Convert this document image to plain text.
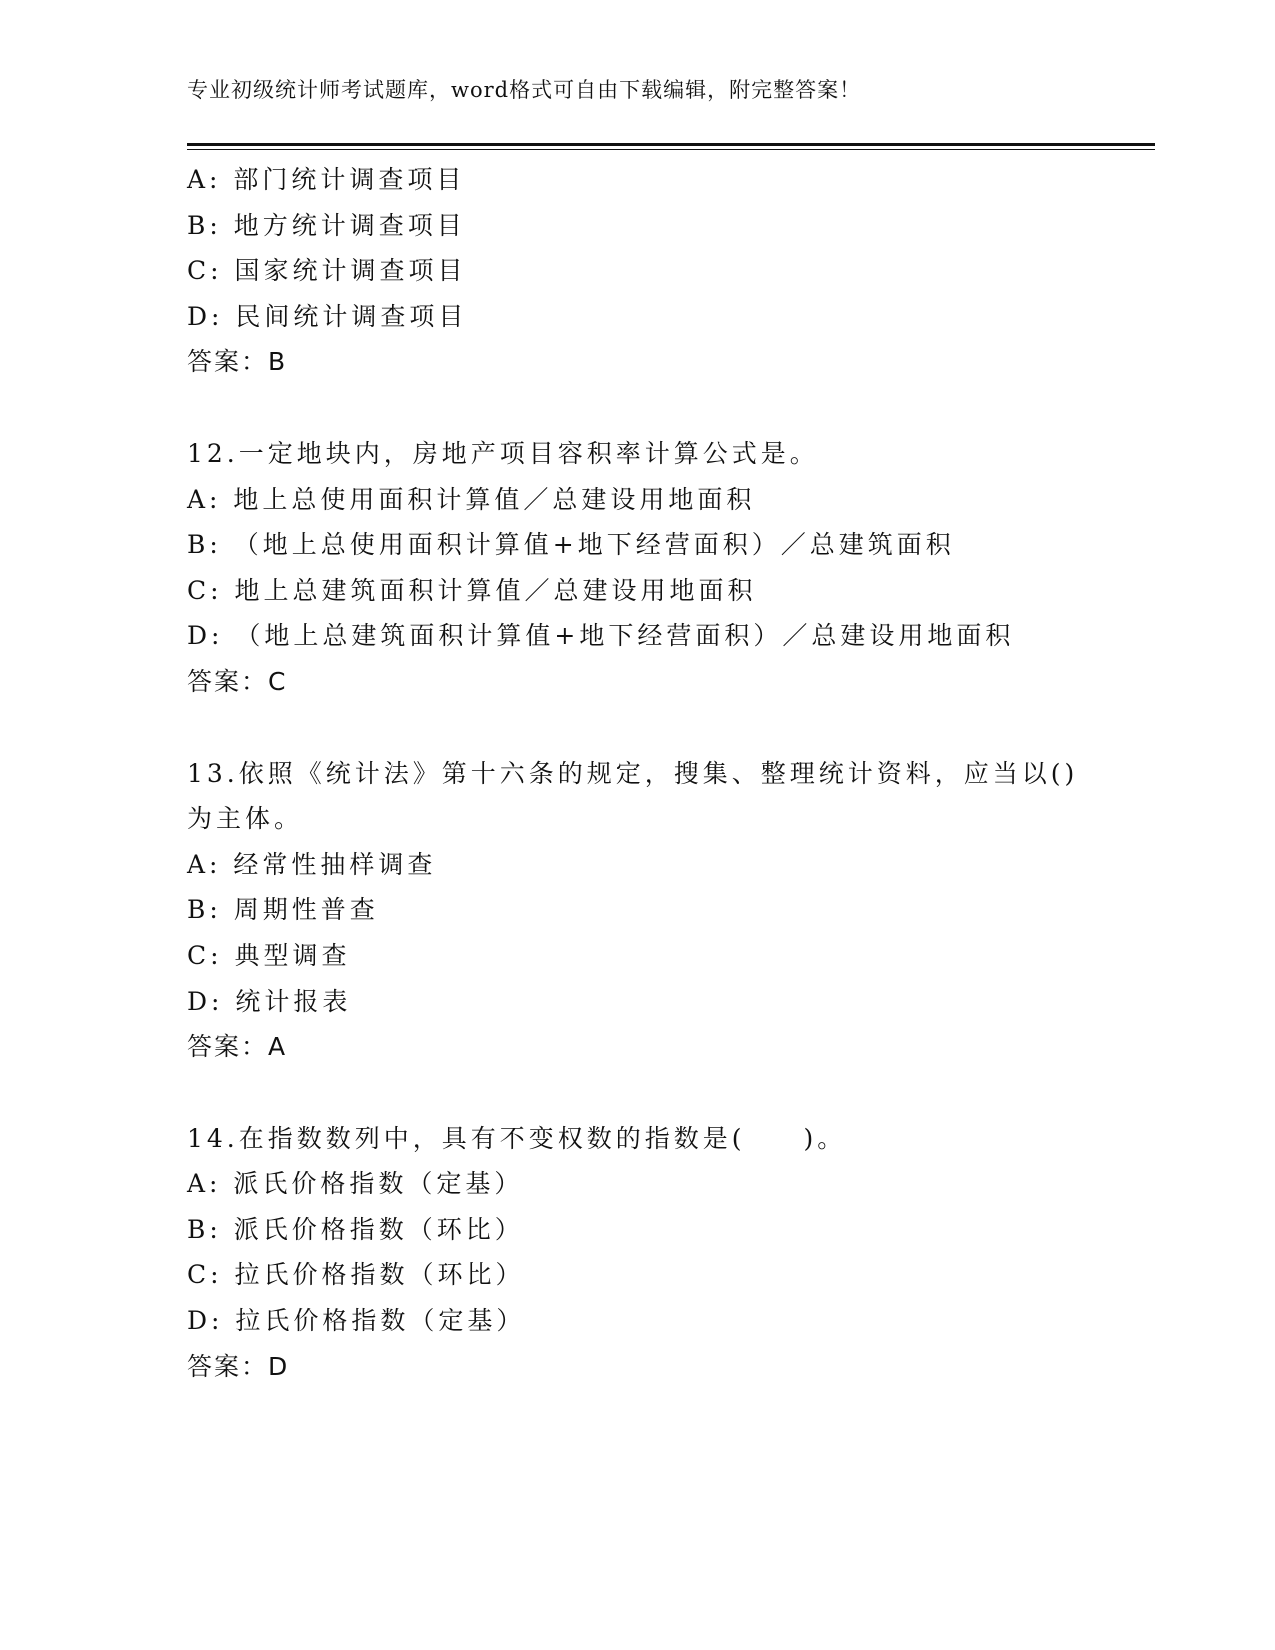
专业初级统计师考试题库，word格式可自由下载编辑，附完整答案！
A: 部门统计调查项目
B: 地方统计调查项目
C: 国家统计调查项目
D: 民间统计调查项目
答案：B
12.一定地块内，房地产项目容积率计算公式是。
A: 地上总使用面积计算值／总建设用地面积
B: （地上总使用面积计算值+地下经营面积）／总建筑面积
C: 地上总建筑面积计算值／总建设用地面积
D: （地上总建筑面积计算值+地下经营面积）／总建设用地面积
答案：C
13.依照《统计法》第十六条的规定，搜集、整理统计资料，应当以()为主体。
A: 经常性抽样调查
B: 周期性普查
C: 典型调查
D: 统计报表
答案：A
14.在指数数列中，具有不变权数的指数是(　　)。
A: 派氏价格指数（定基）
B: 派氏价格指数（环比）
C: 拉氏价格指数（环比）
D: 拉氏价格指数（定基）
答案：D
